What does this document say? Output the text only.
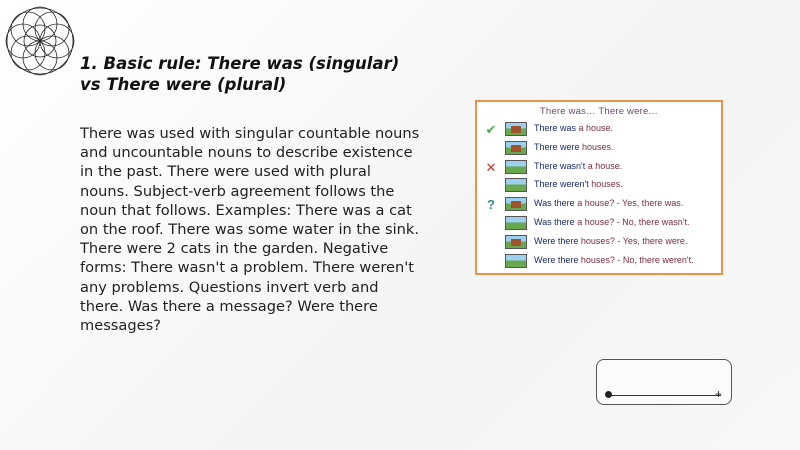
1. Basic rule: There was (singular) vs There were (plural)
There was used with singular countable nouns and uncountable nouns to describe existence in the past. There were used with plural nouns. Subject-verb agreement follows the noun that follows. Examples: There was a cat on the roof. There was some water in the sink. There were 2 cats in the garden. Negative forms: There wasn't a problem. There weren't any problems. Questions invert verb and there. Was there a message? Were there messages?
There was… There were…
✔	There was a house.
There were houses.
✕	There wasn't a house.
There weren't houses.
?	Was there a house? - Yes, there was.
Was there a house? - No, there wasn't.
Were there houses? - Yes, there were.
Were there houses? - No, there weren't.
+
